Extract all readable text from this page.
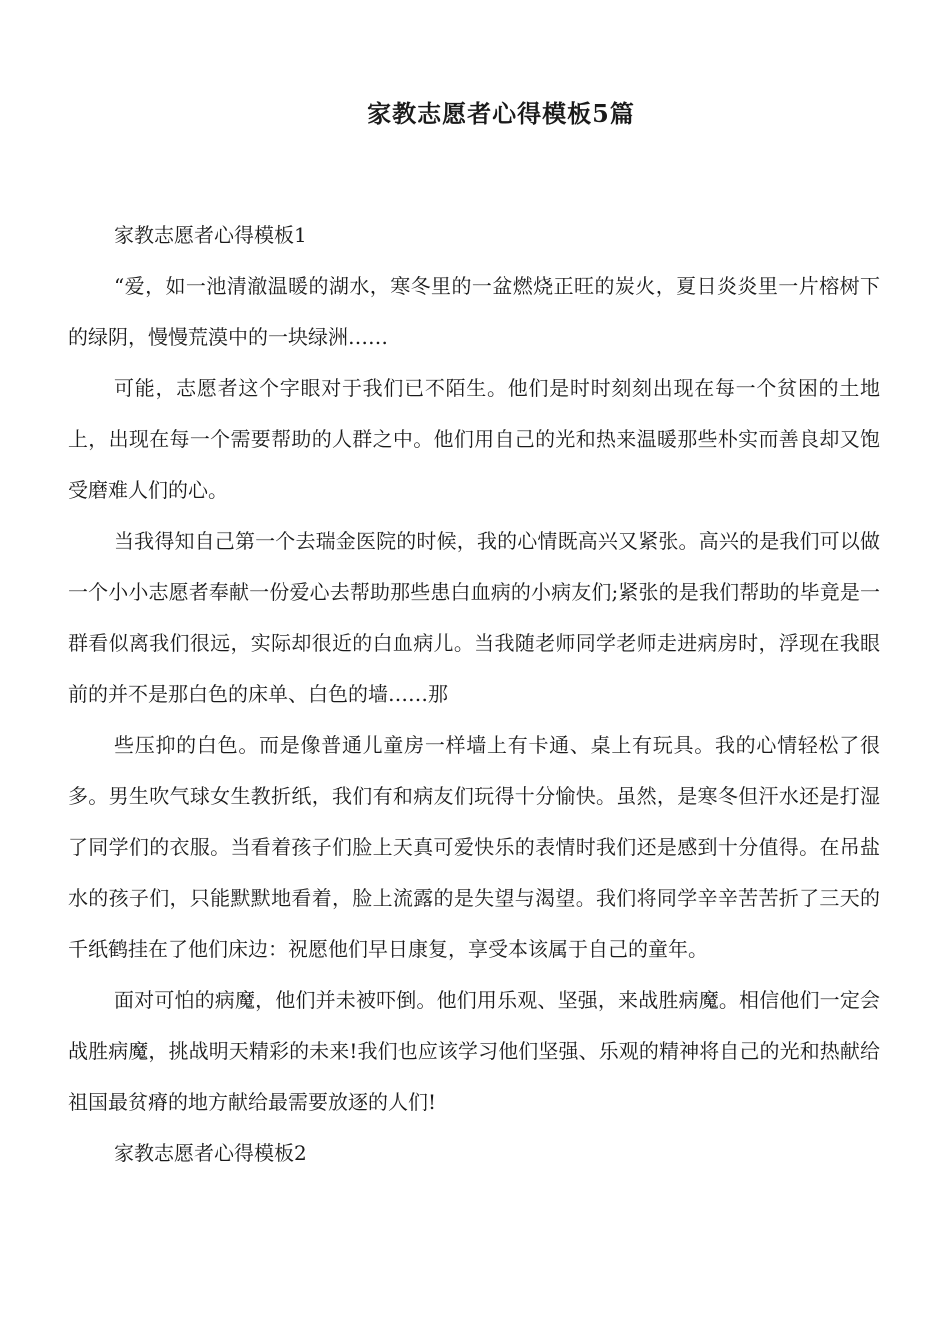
家教志愿者心得模板5篇

家教志愿者心得模板1

“爱，如一池清澈温暖的湖水，寒冬里的一盆燃烧正旺的炭火，夏日炎炎里一片榕树下的绿阴，慢慢荒漠中的一块绿洲……

可能，志愿者这个字眼对于我们已不陌生。他们是时时刻刻出现在每一个贫困的土地上，出现在每一个需要帮助的人群之中。他们用自己的光和热来温暖那些朴实而善良却又饱受磨难人们的心。

当我得知自己第一个去瑞金医院的时候，我的心情既高兴又紧张。高兴的是我们可以做一个小小志愿者奉献一份爱心去帮助那些患白血病的小病友们;紧张的是我们帮助的毕竟是一群看似离我们很远，实际却很近的白血病儿。当我随老师同学老师走进病房时，浮现在我眼前的并不是那白色的床单、白色的墙……那

些压抑的白色。而是像普通儿童房一样墙上有卡通、桌上有玩具。我的心情轻松了很多。男生吹气球女生教折纸，我们有和病友们玩得十分愉快。虽然，是寒冬但汗水还是打湿了同学们的衣服。当看着孩子们脸上天真可爱快乐的表情时我们还是感到十分值得。在吊盐水的孩子们，只能默默地看着，脸上流露的是失望与渴望。我们将同学辛辛苦苦折了三天的千纸鹤挂在了他们床边：祝愿他们早日康复，享受本该属于自己的童年。

面对可怕的病魔，他们并未被吓倒。他们用乐观、坚强，来战胜病魔。相信他们一定会战胜病魔，挑战明天精彩的未来!我们也应该学习他们坚强、乐观的精神将自己的光和热献给祖国最贫瘠的地方献给最需要放逐的人们!

家教志愿者心得模板2
